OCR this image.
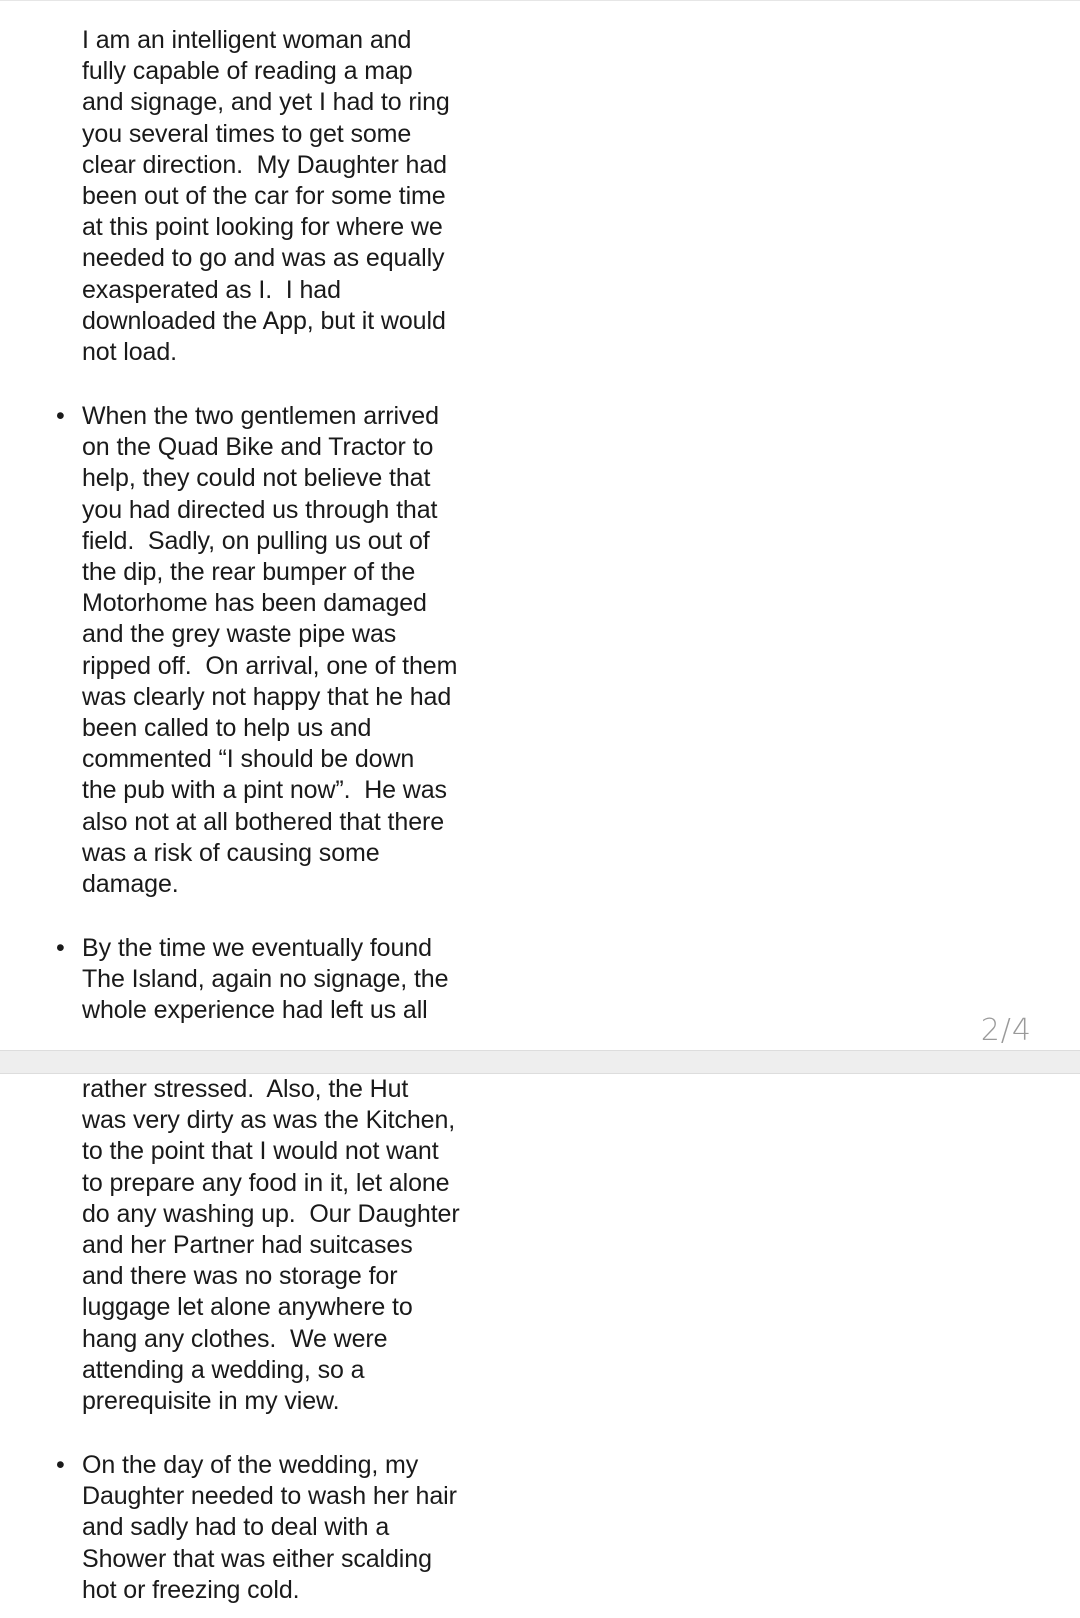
I am an intelligent woman and
fully capable of reading a map
and signage, and yet I had to ring
you several times to get some
clear direction.  My Daughter had
been out of the car for some time
at this point looking for where we
needed to go and was as equally
exasperated as I.  I had
downloaded the App, but it would
not load.
• When the two gentlemen arrived
on the Quad Bike and Tractor to
help, they could not believe that
you had directed us through that
field.  Sadly, on pulling us out of
the dip, the rear bumper of the
Motorhome has been damaged
and the grey waste pipe was
ripped off.  On arrival, one of them
was clearly not happy that he had
been called to help us and
commented “I should be down
the pub with a pint now”.  He was
also not at all bothered that there
was a risk of causing some
damage.
• By the time we eventually found
The Island, again no signage, the
whole experience had left us all
2/4
rather stressed.  Also, the Hut
was very dirty as was the Kitchen,
to the point that I would not want
to prepare any food in it, let alone
do any washing up.  Our Daughter
and her Partner had suitcases
and there was no storage for
luggage let alone anywhere to
hang any clothes.  We were
attending a wedding, so a
prerequisite in my view.
• On the day of the wedding, my
Daughter needed to wash her hair
and sadly had to deal with a
Shower that was either scalding
hot or freezing cold.
